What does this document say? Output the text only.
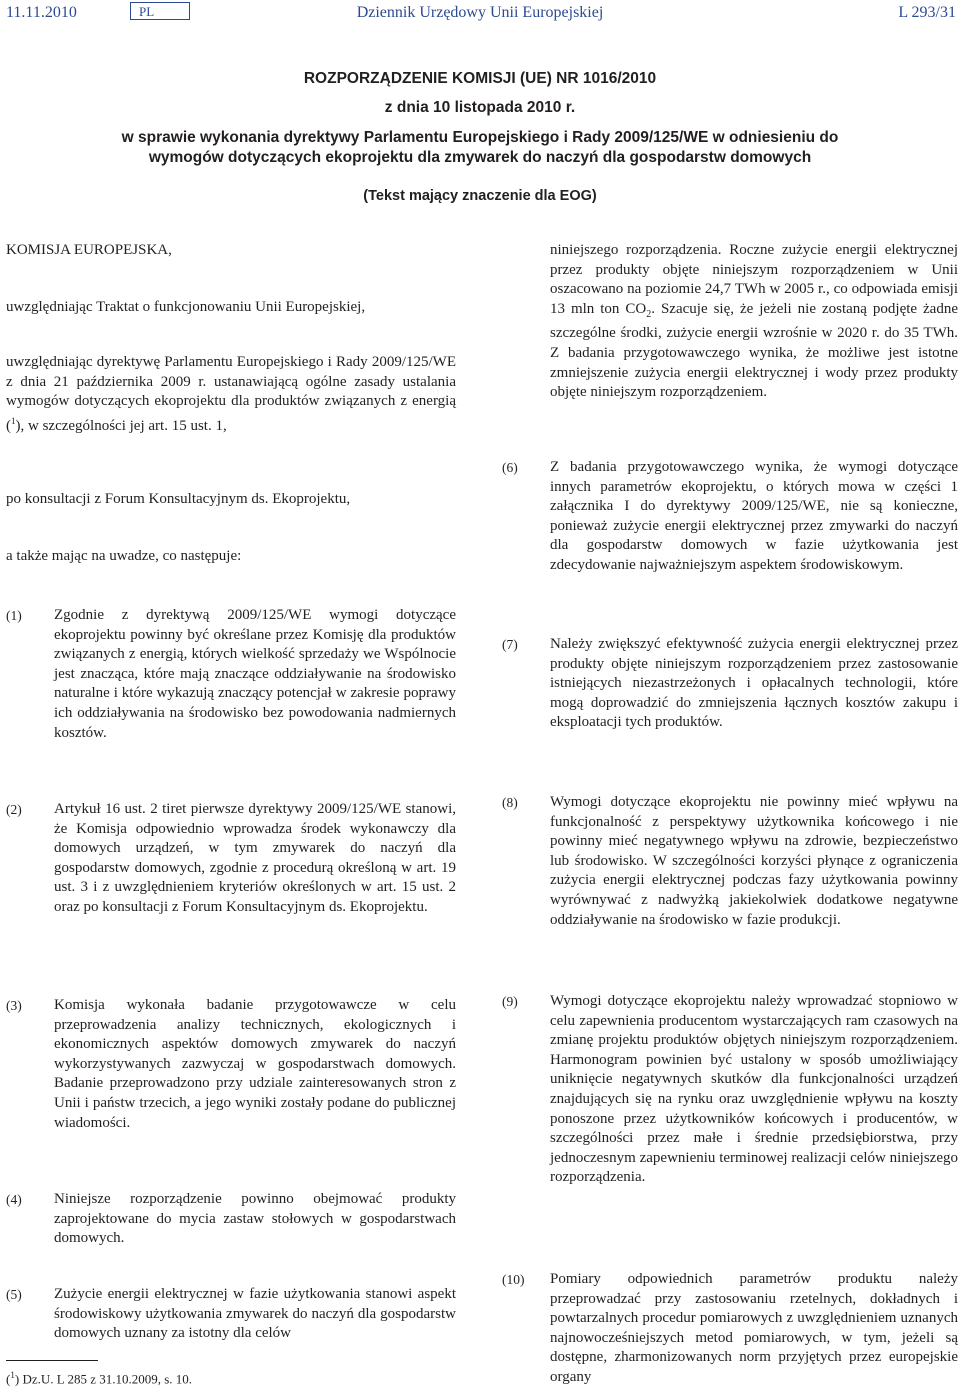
11.11.2010	PL	Dziennik Urzędowy Unii Europejskiej	L 293/31
ROZPORZĄDZENIE KOMISJI (UE) NR 1016/2010
z dnia 10 listopada 2010 r.
w sprawie wykonania dyrektywy Parlamentu Europejskiego i Rady 2009/125/WE w odniesieniu do wymogów dotyczących ekoprojektu dla zmywarek do naczyń dla gospodarstw domowych
(Tekst mający znaczenie dla EOG)
KOMISJA EUROPEJSKA,
uwzględniając Traktat o funkcjonowaniu Unii Europejskiej,
uwzględniając dyrektywę Parlamentu Europejskiego i Rady 2009/125/WE z dnia 21 października 2009 r. ustanawiającą ogólne zasady ustalania wymogów dotyczących ekoprojektu dla produktów związanych z energią ($^1$), w szczególności jej art. 15 ust. 1,
po konsultacji z Forum Konsultacyjnym ds. Ekoprojektu,
a także mając na uwadze, co następuje:
(1)	Zgodnie z dyrektywą 2009/125/WE wymogi dotyczące ekoprojektu powinny być określane przez Komisję dla produktów związanych z energią, których wielkość sprzedaży we Wspólnocie jest znacząca, które mają znaczące oddziaływanie na środowisko naturalne i które wykazują znaczący potencjał w zakresie poprawy ich oddziaływania na środowisko bez powodowania nadmiernych kosztów.
(2)	Artykuł 16 ust. 2 tiret pierwsze dyrektywy 2009/125/WE stanowi, że Komisja odpowiednio wprowadza środek wykonawczy dla domowych urządzeń, w tym zmywarek do naczyń dla gospodarstw domowych, zgodnie z procedurą określoną w art. 19 ust. 3 i z uwzględnieniem kryteriów określonych w art. 15 ust. 2 oraz po konsultacji z Forum Konsultacyjnym ds. Ekoprojektu.
(3)	Komisja wykonała badanie przygotowawcze w celu przeprowadzenia analizy technicznych, ekologicznych i ekonomicznych aspektów domowych zmywarek do naczyń wykorzystywanych zazwyczaj w gospodarstwach domowych. Badanie przeprowadzono przy udziale zainteresowanych stron z Unii i państw trzecich, a jego wyniki zostały podane do publicznej wiadomości.
(4)	Niniejsze rozporządzenie powinno obejmować produkty zaprojektowane do mycia zastaw stołowych w gospodarstwach domowych.
(5)	Zużycie energii elektrycznej w fazie użytkowania stanowi aspekt środowiskowy użytkowania zmywarek do naczyń dla gospodarstw domowych uznany za istotny dla celów
niniejszego rozporządzenia. Roczne zużycie energii elektrycznej przez produkty objęte niniejszym rozporządzeniem w Unii oszacowano na poziomie 24,7 TWh w 2005 r., co odpowiada emisji 13 mln ton $CO_2$. Szacuje się, że jeżeli nie zostaną podjęte żadne szczególne środki, zużycie energii wzrośnie w 2020 r. do 35 TWh. Z badania przygotowawczego wynika, że możliwe jest istotne zmniejszenie zużycia energii elektrycznej i wody przez produkty objęte niniejszym rozporządzeniem.
(6)	Z badania przygotowawczego wynika, że wymogi dotyczące innych parametrów ekoprojektu, o których mowa w części 1 załącznika I do dyrektywy 2009/125/WE, nie są konieczne, ponieważ zużycie energii elektrycznej przez zmywarki do naczyń dla gospodarstw domowych w fazie użytkowania jest zdecydowanie najważniejszym aspektem środowiskowym.
(7)	Należy zwiększyć efektywność zużycia energii elektrycznej przez produkty objęte niniejszym rozporządzeniem przez zastosowanie istniejących niezastrzeżonych i opłacalnych technologii, które mogą doprowadzić do zmniejszenia łącznych kosztów zakupu i eksploatacji tych produktów.
(8)	Wymogi dotyczące ekoprojektu nie powinny mieć wpływu na funkcjonalność z perspektywy użytkownika końcowego i nie powinny mieć negatywnego wpływu na zdrowie, bezpieczeństwo lub środowisko. W szczególności korzyści płynące z ograniczenia zużycia energii elektrycznej podczas fazy użytkowania powinny wyrównywać z nadwyżką jakiekolwiek dodatkowe negatywne oddziaływanie na środowisko w fazie produkcji.
(9)	Wymogi dotyczące ekoprojektu należy wprowadzać stopniowo w celu zapewnienia producentom wystarczających ram czasowych na zmianę projektu produktów objętych niniejszym rozporządzeniem. Harmonogram powinien być ustalony w sposób umożliwiający uniknięcie negatywnych skutków dla funkcjonalności urządzeń znajdujących się na rynku oraz uwzględnienie wpływu na koszty ponoszone przez użytkowników końcowych i producentów, w szczególności przez małe i średnie przedsiębiorstwa, przy jednoczesnym zapewnieniu terminowej realizacji celów niniejszego rozporządzenia.
(10)	Pomiary odpowiednich parametrów produktu należy przeprowadzać przy zastosowaniu rzetelnych, dokładnych i powtarzalnych procedur pomiarowych z uwzględnieniem uznanych najnowocześniejszych metod pomiarowych, w tym, jeżeli są dostępne, zharmonizowanych norm przyjętych przez europejskie organy
($^1$) Dz.U. L 285 z 31.10.2009, s. 10.
